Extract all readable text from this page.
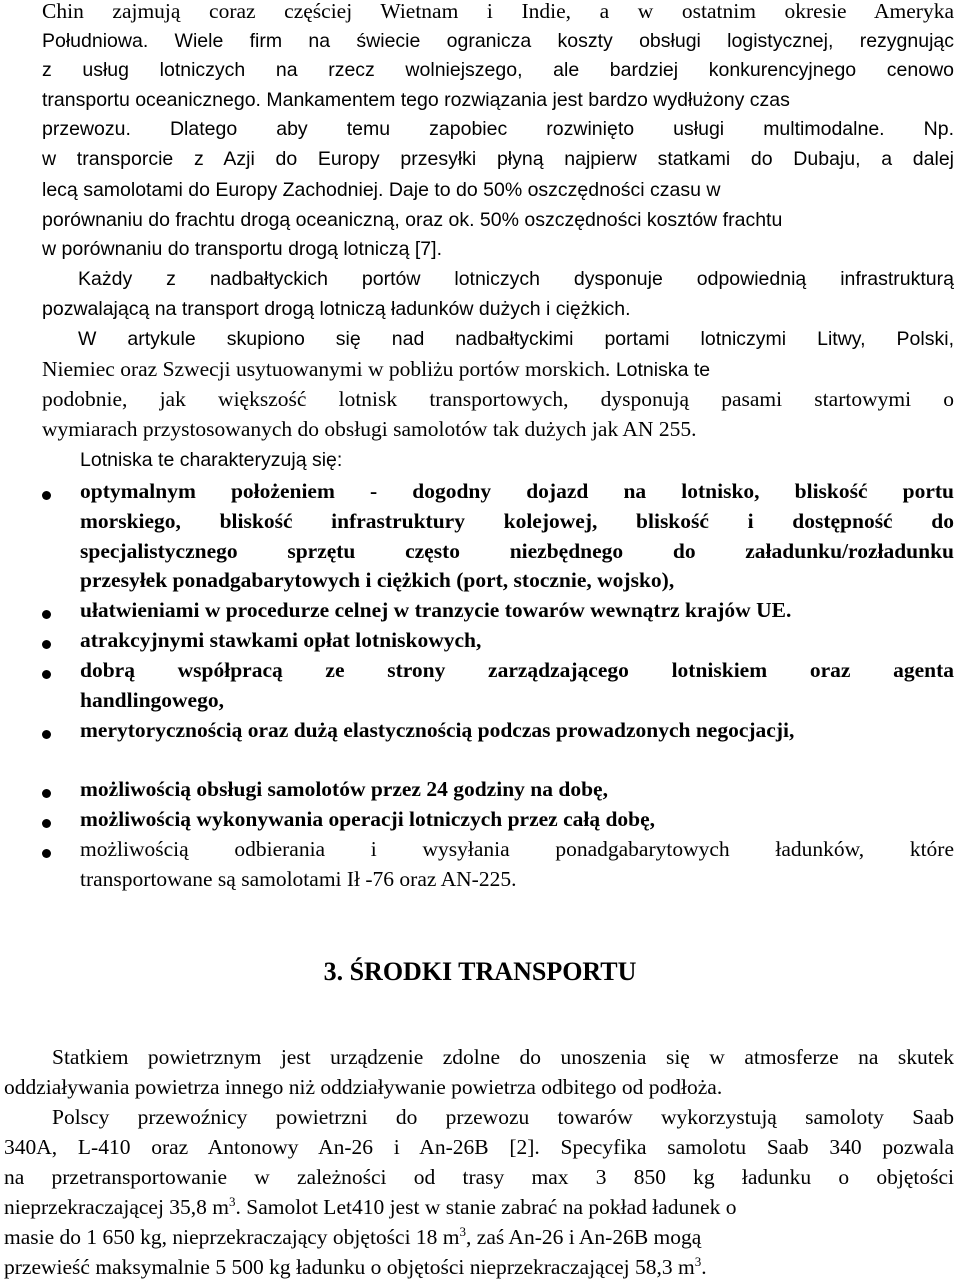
Chin zajmują coraz częściej Wietnam i Indie, a w ostatnim okresie Ameryka
Południowa. Wiele firm na świecie ogranicza koszty obsługi logistycznej, rezygnując
z usług lotniczych na rzecz wolniejszego, ale bardziej konkurencyjnego cenowo
transportu oceanicznego. Mankamentem tego rozwiązania jest bardzo wydłużony czas
przewozu. Dlatego aby temu zapobiec rozwinięto usługi multimodalne. Np.
w transporcie z Azji do Europy przesyłki płyną najpierw statkami do Dubaju, a dalej
lecą samolotami do Europy Zachodniej. Daje to do 50% oszczędności czasu w
porównaniu do frachtu drogą oceaniczną, oraz ok. 50% oszczędności kosztów frachtu
w porównaniu do transportu drogą lotniczą [7].
Każdy z nadbałtyckich portów lotniczych dysponuje odpowiednią infrastrukturą
pozwalającą na transport drogą lotniczą ładunków dużych i ciężkich.
W artykule skupiono się nad nadbałtyckimi portami lotniczymi Litwy, Polski,
Niemiec oraz Szwecji usytuowanymi w pobliżu portów morskich. Lotniska te
podobnie, jak większość lotnisk transportowych, dysponują pasami startowymi o
wymiarach przystosowanych do obsługi samolotów tak dużych jak AN 255.
Lotniska te charakteryzują się:
optymalnym położeniem - dogodny dojazd na lotnisko, bliskość portu
morskiego, bliskość infrastruktury kolejowej, bliskość i dostępność do
specjalistycznego sprzętu często niezbędnego do załadunku/rozładunku
przesyłek ponadgabarytowych i ciężkich (port, stocznie, wojsko),
ułatwieniami w procedurze celnej w tranzycie towarów wewnątrz krajów UE.
atrakcyjnymi stawkami opłat lotniskowych,
dobrą współpracą ze strony zarządzającego lotniskiem oraz agenta
handlingowego,
merytorycznością oraz dużą elastycznością podczas prowadzonych negocjacji,
możliwością obsługi samolotów przez 24 godziny na dobę,
możliwością wykonywania operacji lotniczych przez całą dobę,
możliwością odbierania i wysyłania ponadgabarytowych ładunków, które
transportowane są samolotami Ił -76 oraz AN-225.
3. ŚRODKI TRANSPORTU
Statkiem powietrznym jest urządzenie zdolne do unoszenia się w atmosferze na skutek
oddziaływania powietrza innego niż oddziaływanie powietrza odbitego od podłoża.
Polscy przewoźnicy powietrzni do przewozu towarów wykorzystują samoloty Saab
340A, L-410 oraz Antonowy An-26 i An-26B [2]. Specyfika samolotu Saab 340 pozwala
na przetransportowanie w zależności od trasy max 3 850 kg ładunku o objętości
nieprzekraczającej 35,8 $m^3$. Samolot Let410 jest w stanie zabrać na pokład ładunek o
masie do 1 650 kg, nieprzekraczający objętości 18 $m^3$, zaś An-26 i An-26B mogą
przewieść maksymalnie 5 500 kg ładunku o objętości nieprzekraczającej 58,3 $m^3$.
